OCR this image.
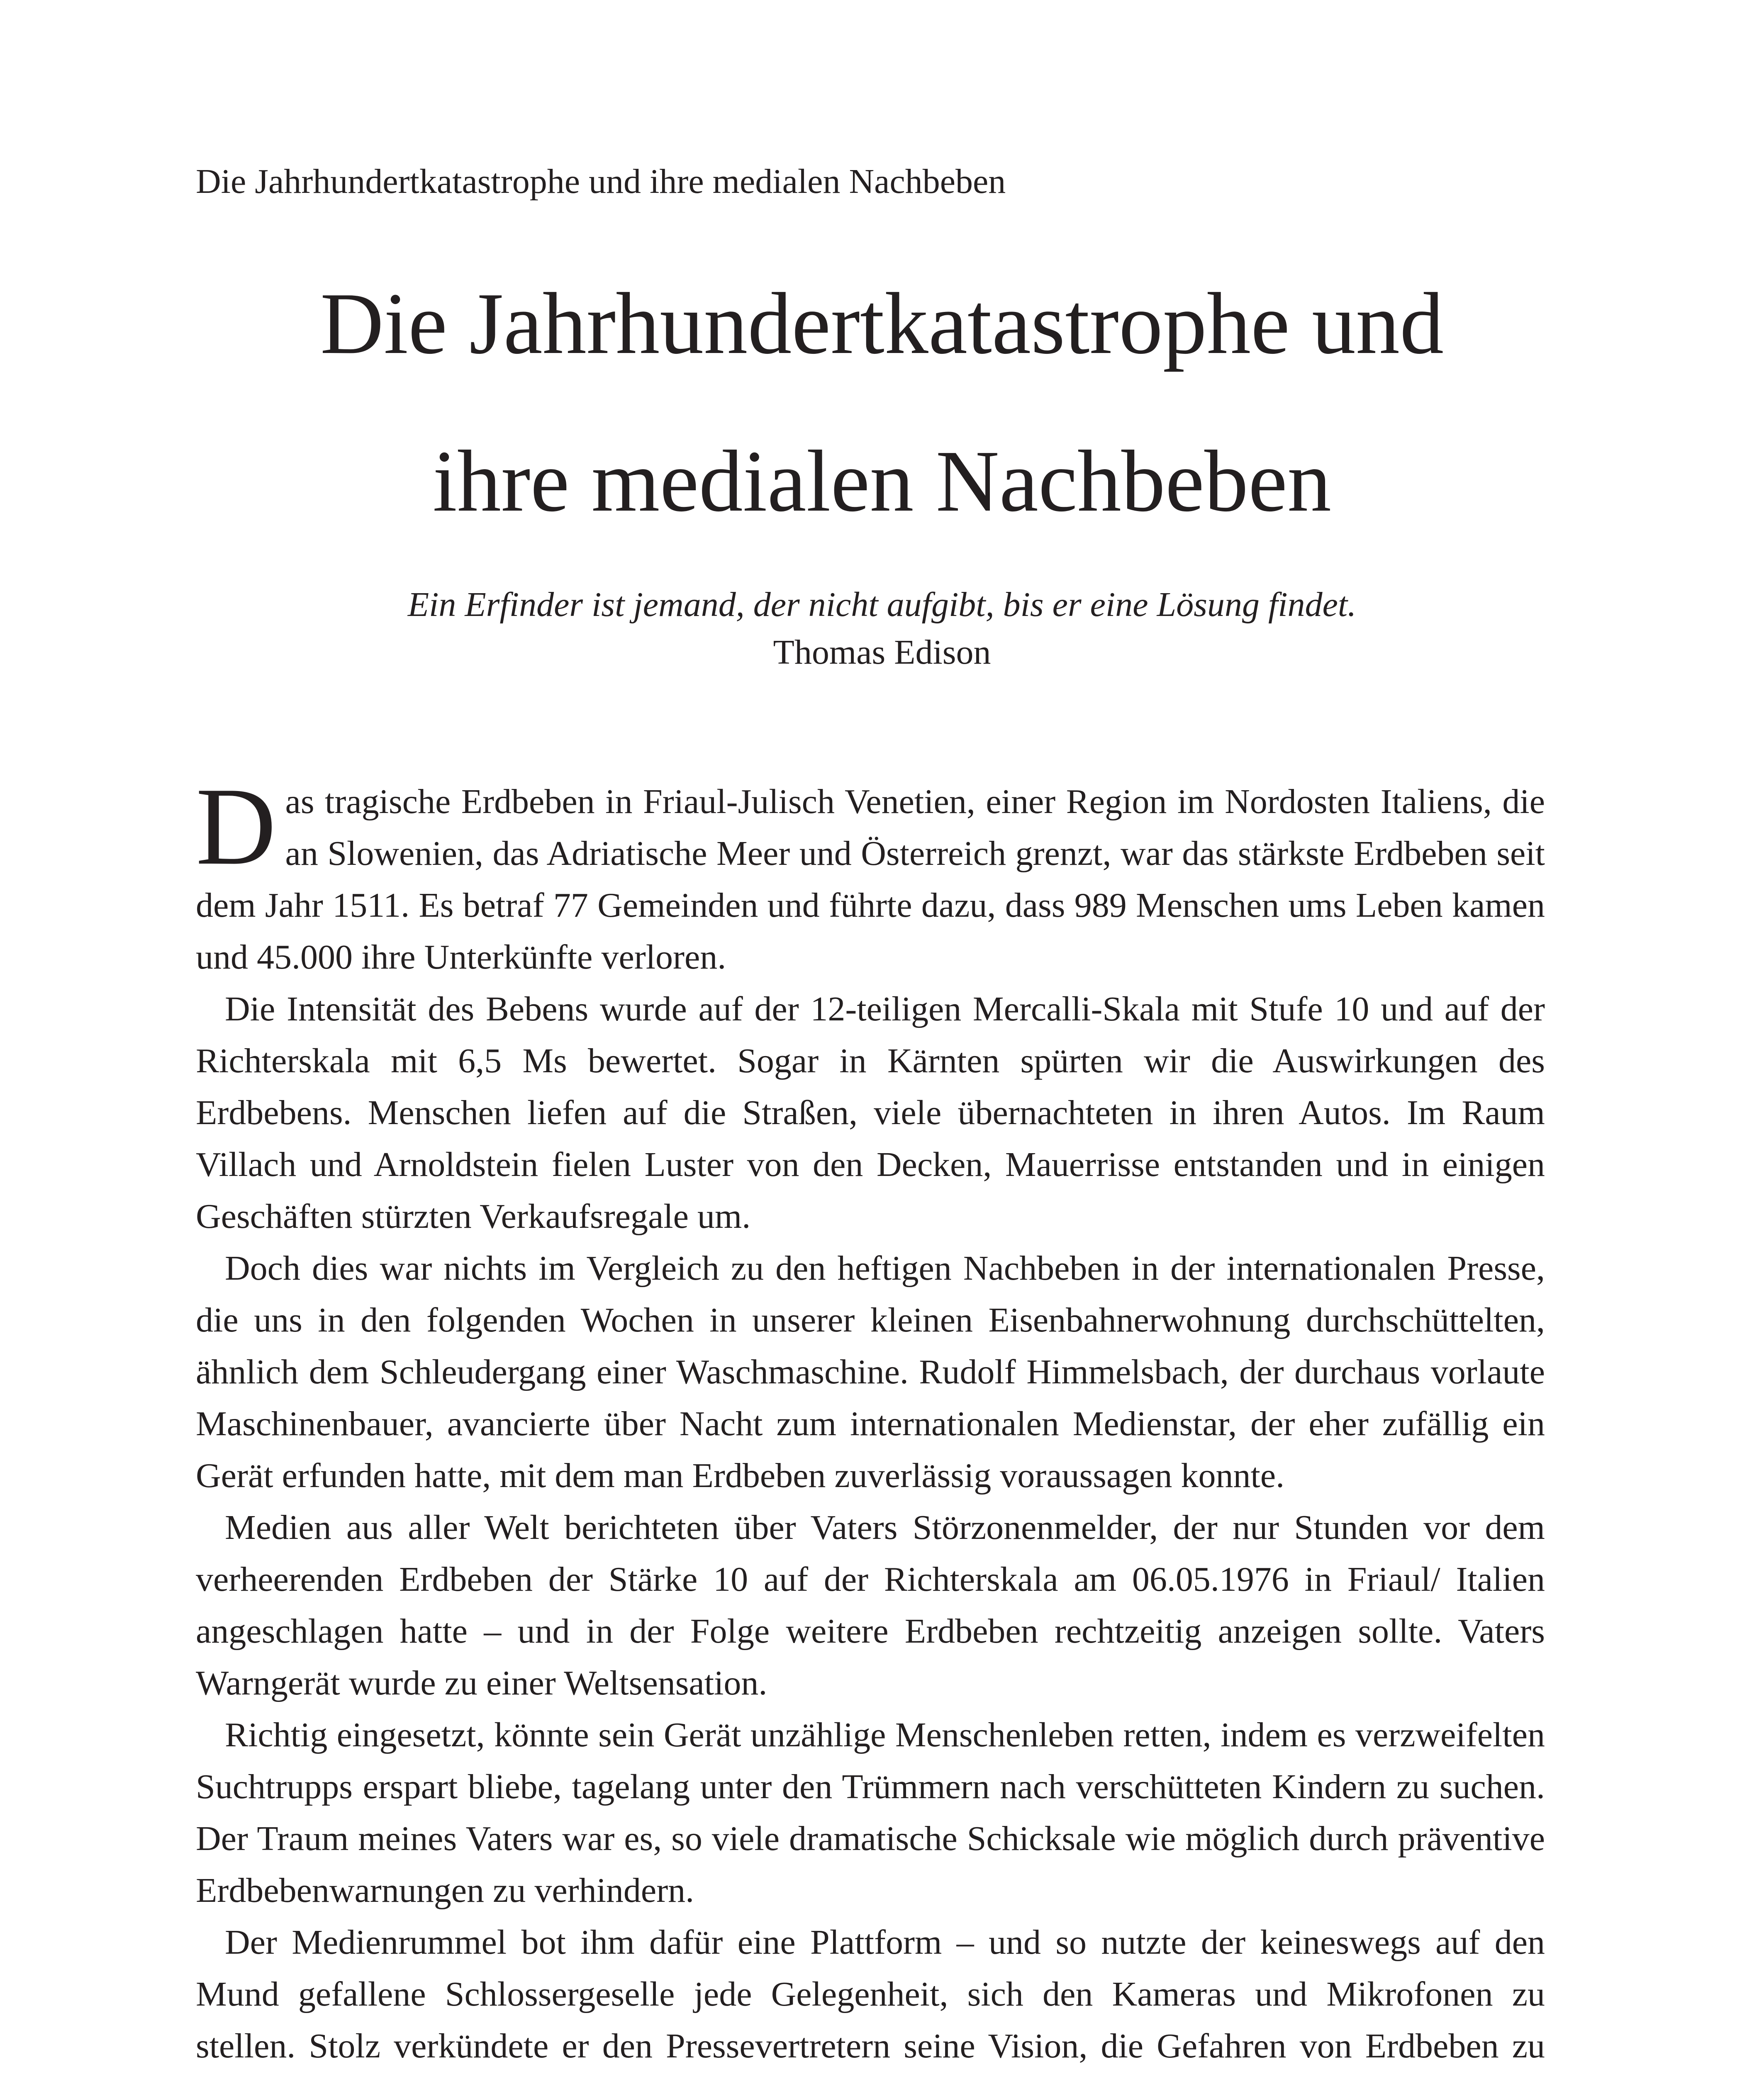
Die Jahrhundertkatastrophe und ihre medialen Nachbeben
Die Jahrhundertkatastrophe und
ihre medialen Nachbeben
Ein Erfinder ist jemand, der nicht aufgibt, bis er eine Lösung findet.
Thomas Edison

Das tragische Erdbeben in Friaul-Julisch Venetien, einer Region im Nordosten Italiens, die an Slowenien, das Adriatische Meer und Österreich grenzt, war das stärkste Erdbeben seit dem Jahr 1511. Es betraf 77 Gemeinden und führte dazu, dass 989 Menschen ums Leben kamen und 45.000 ihre Unterkünfte verloren.

Die Intensität des Bebens wurde auf der 12-teiligen Mercalli-Skala mit Stufe 10 und auf der Richterskala mit 6,5 Ms bewertet. Sogar in Kärnten spürten wir die Auswirkungen des Erdbebens. Menschen liefen auf die Straßen, viele übernachteten in ihren Autos. Im Raum Villach und Arnoldstein fielen Luster von den Decken, Mauerrisse entstanden und in einigen Geschäften stürzten Verkaufsregale um.

Doch dies war nichts im Vergleich zu den heftigen Nachbeben in der internationalen Presse, die uns in den folgenden Wochen in unserer kleinen Eisenbahnerwohnung durchschüttelten, ähnlich dem Schleudergang einer Waschmaschine. Rudolf Himmelsbach, der durchaus vorlaute Maschinenbauer, avancierte über Nacht zum internationalen Medienstar, der eher zufällig ein Gerät erfunden hatte, mit dem man Erdbeben zuverlässig voraussagen konnte.

Medien aus aller Welt berichteten über Vaters Störzonenmelder, der nur Stunden vor dem verheerenden Erdbeben der Stärke 10 auf der Richterskala am 06.05.1976 in Friaul/ Italien angeschlagen hatte – und in der Folge weitere Erdbeben rechtzeitig anzeigen sollte. Vaters Warngerät wurde zu einer Weltsensation.

Richtig eingesetzt, könnte sein Gerät unzählige Menschenleben retten, indem es verzweifelten Suchtrupps erspart bliebe, tagelang unter den Trümmern nach verschütteten Kindern zu suchen. Der Traum meines Vaters war es, so viele dramatische Schicksale wie möglich durch präventive Erdbebenwarnungen zu verhindern.

Der Medienrummel bot ihm dafür eine Plattform – und so nutzte der keineswegs auf den Mund gefallene Schlossergeselle jede Gelegenheit, sich den Kameras und Mikrofonen zu stellen. Stolz verkündete er den Pressevertretern seine Vision, die Gefahren von Erdbeben zu
